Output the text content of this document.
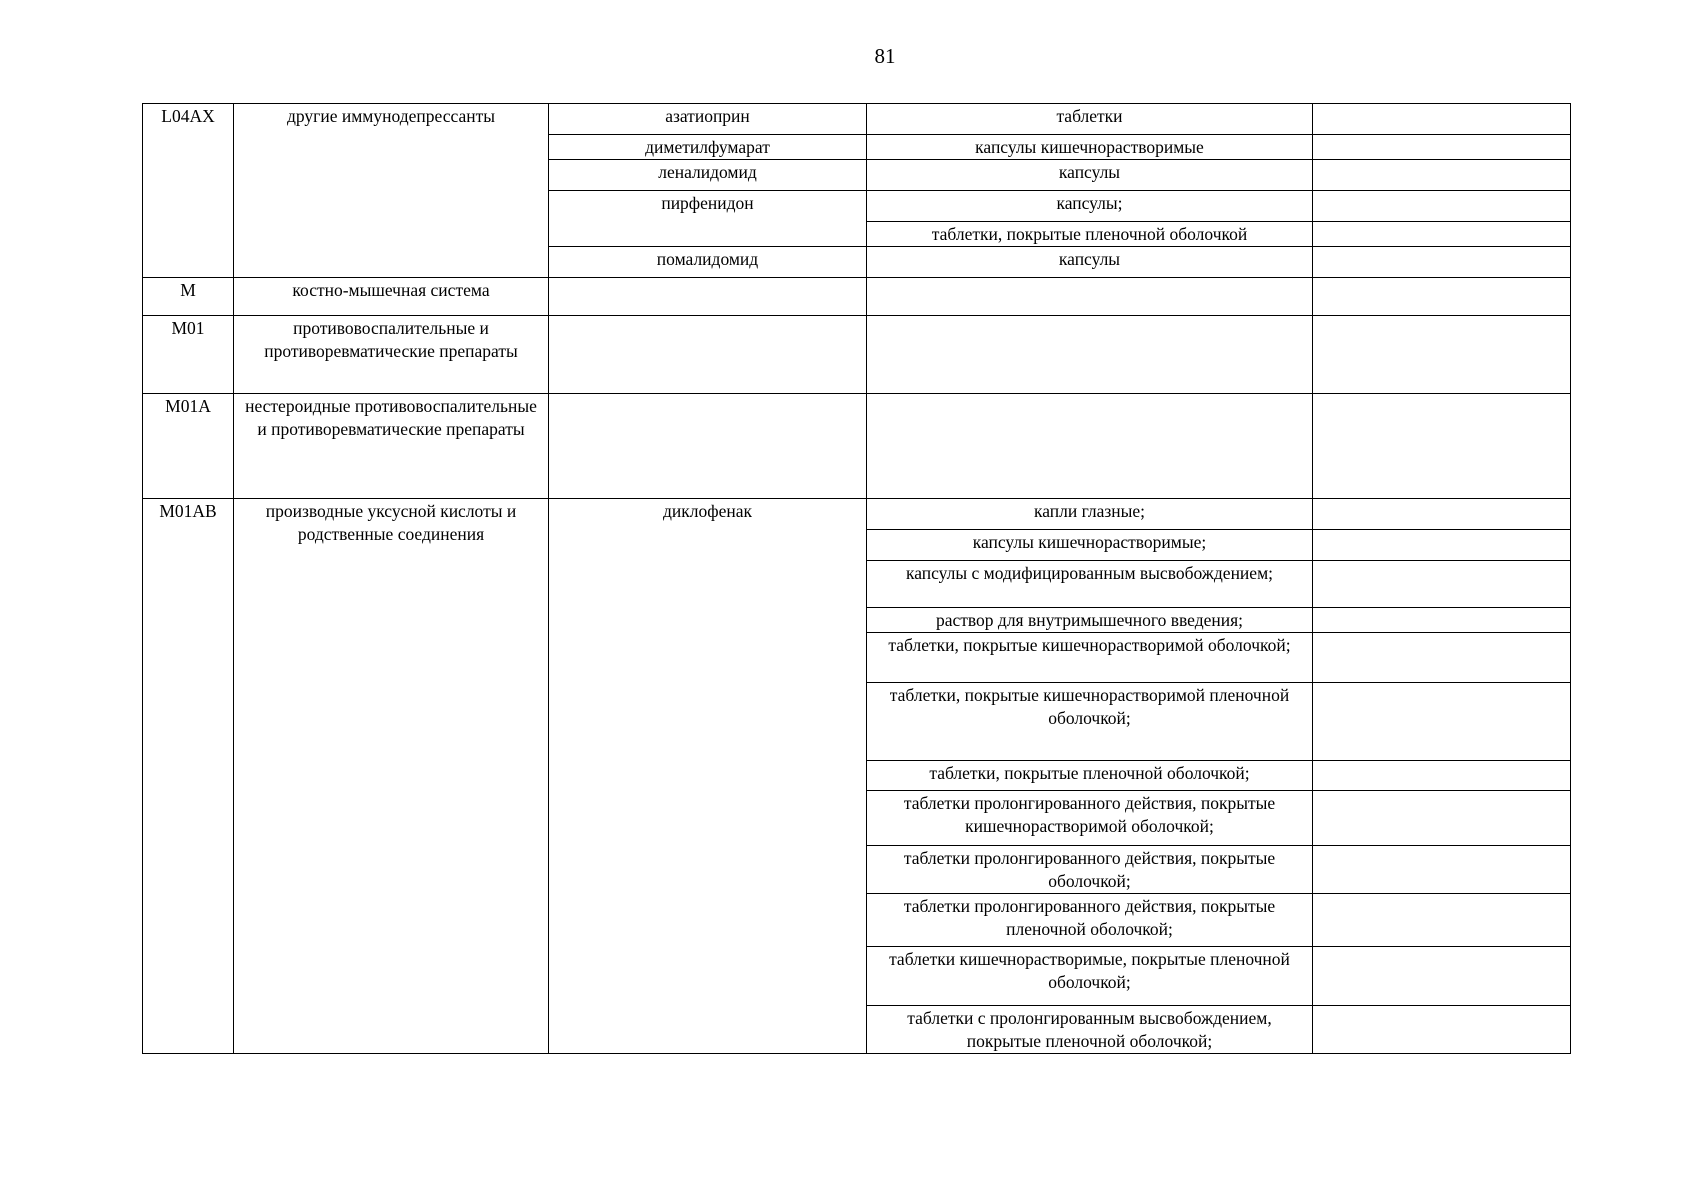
81
L04AX	другие иммунодепрессанты	азатиоприн	таблетки	
		диметилфумарат	капсулы кишечнорастворимые	
		леналидомид	капсулы	
		пирфенидон	капсулы;	
			таблетки, покрытые пленочной оболочкой	
		помалидомид	капсулы	
M	костно-мышечная система			
M01	противовоспалительные и противоревматические препараты			
M01A	нестероидные противовоспалительные и противоревматические препараты			
M01AB	производные уксусной кислоты и родственные соединения	диклофенак	капли глазные;	
			капсулы кишечнорастворимые;	
			капсулы с модифицированным высвобождением;	
			раствор для внутримышечного введения;	
			таблетки, покрытые кишечнорастворимой оболочкой;	
			таблетки, покрытые кишечнорастворимой пленочной оболочкой;	
			таблетки, покрытые пленочной оболочкой;	
			таблетки пролонгированного действия, покрытые кишечнорастворимой оболочкой;	
			таблетки пролонгированного действия, покрытые оболочкой;	
			таблетки пролонгированного действия, покрытые пленочной оболочкой;	
			таблетки кишечнорастворимые, покрытые пленочной оболочкой;	
			таблетки с пролонгированным высвобождением, покрытые пленочной оболочкой;	
